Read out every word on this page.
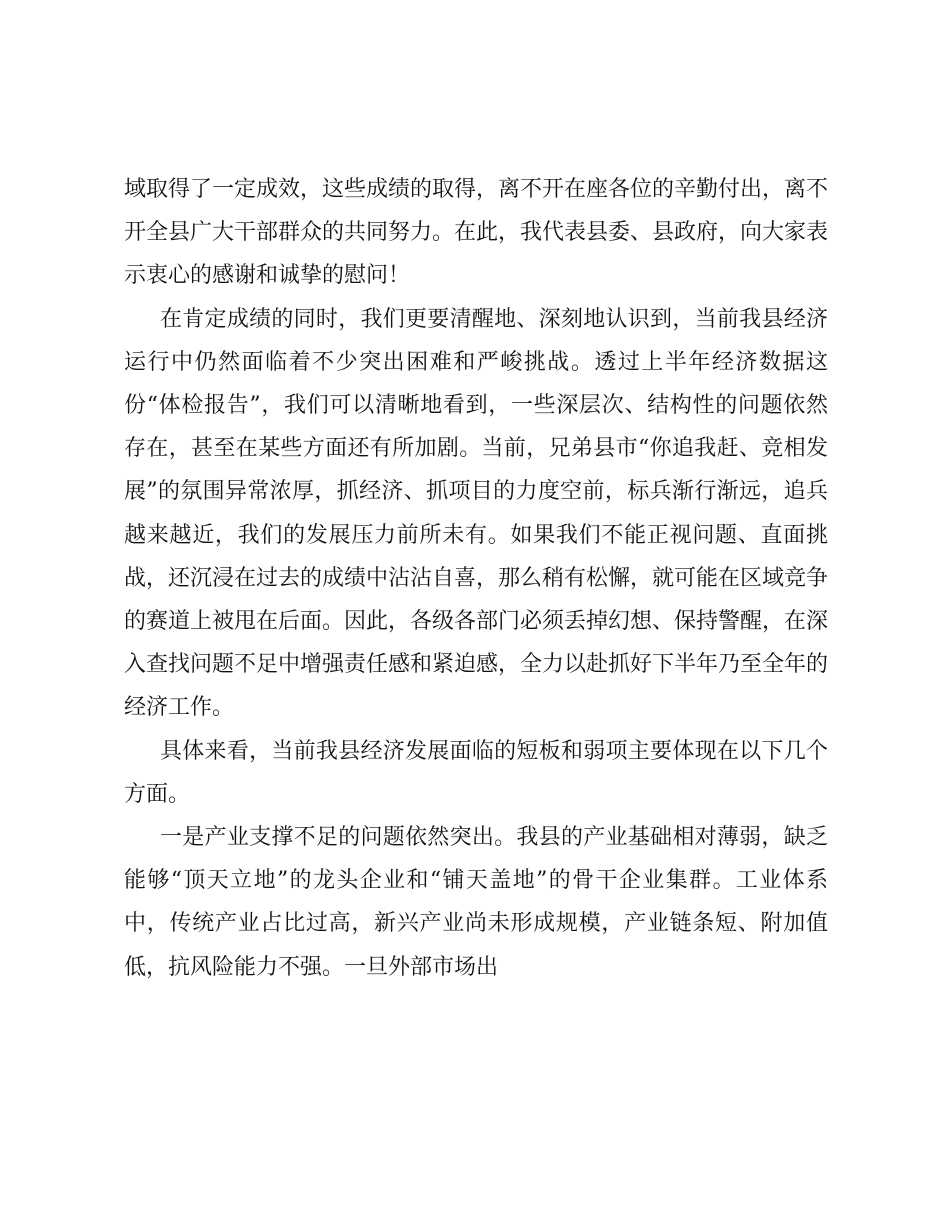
域取得了一定成效，这些成绩的取得，离不开在座各位的辛勤付出，离不开全县广大干部群众的共同努力。在此，我代表县委、县政府，向大家表示衷心的感谢和诚挚的慰问！

在肯定成绩的同时，我们更要清醒地、深刻地认识到，当前我县经济运行中仍然面临着不少突出困难和严峻挑战。透过上半年经济数据这份“体检报告”，我们可以清晰地看到，一些深层次、结构性的问题依然存在，甚至在某些方面还有所加剧。当前，兄弟县市“你追我赶、竞相发展”的氛围异常浓厚，抓经济、抓项目的力度空前，标兵渐行渐远，追兵越来越近，我们的发展压力前所未有。如果我们不能正视问题、直面挑战，还沉浸在过去的成绩中沾沾自喜，那么稍有松懈，就可能在区域竞争的赛道上被甩在后面。因此，各级各部门必须丢掉幻想、保持警醒，在深入查找问题不足中增强责任感和紧迫感，全力以赴抓好下半年乃至全年的经济工作。

具体来看，当前我县经济发展面临的短板和弱项主要体现在以下几个方面。

一是产业支撑不足的问题依然突出。我县的产业基础相对薄弱，缺乏能够“顶天立地”的龙头企业和“铺天盖地”的骨干企业集群。工业体系中，传统产业占比过高，新兴产业尚未形成规模，产业链条短、附加值低，抗风险能力不强。一旦外部市场出
